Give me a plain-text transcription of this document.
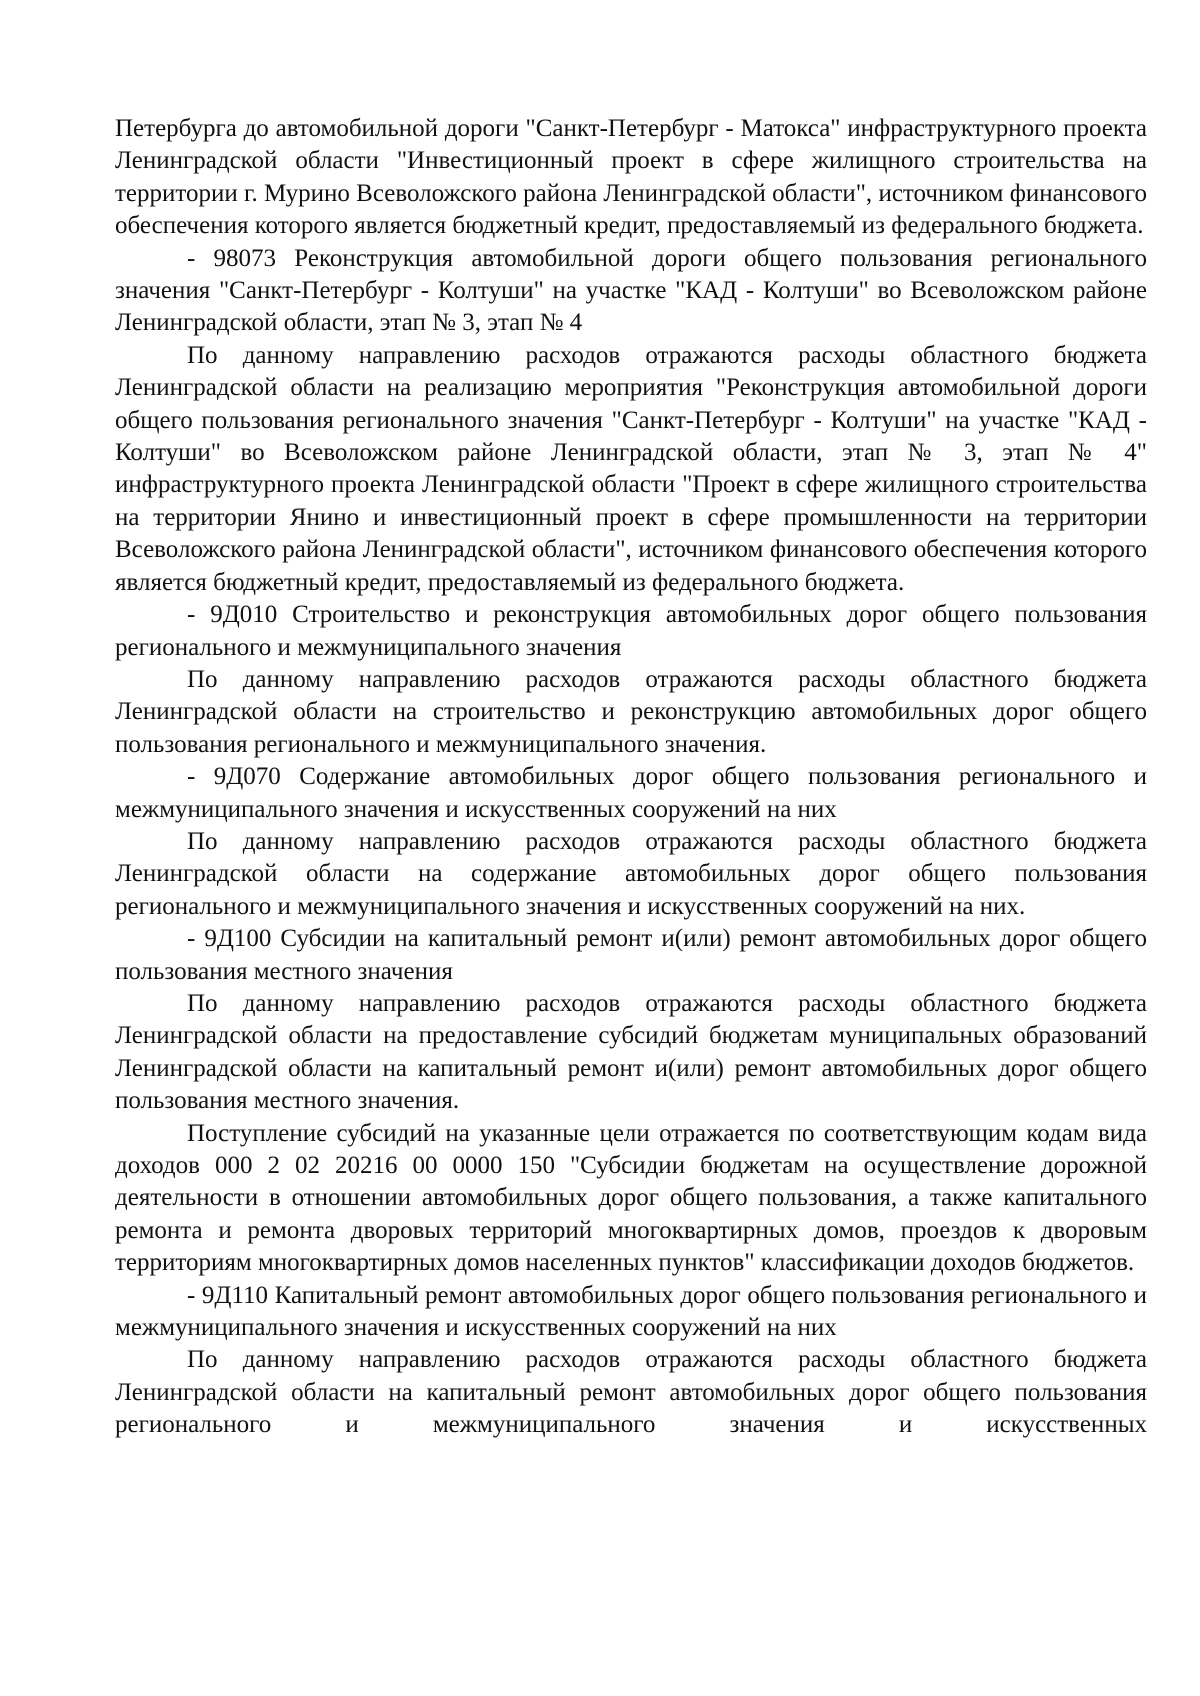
Петербурга до автомобильной дороги "Санкт-Петербург - Матокса" инфраструктурного проекта Ленинградской области "Инвестиционный проект в сфере жилищного строительства на территории г. Мурино Всеволожского района Ленинградской области", источником финансового обеспечения которого является бюджетный кредит, предоставляемый из федерального бюджета.

- 98073 Реконструкция автомобильной дороги общего пользования регионального значения "Санкт-Петербург - Колтуши" на участке "КАД - Колтуши" во Всеволожском районе Ленинградской области, этап № 3, этап № 4

По данному направлению расходов отражаются расходы областного бюджета Ленинградской области на реализацию мероприятия "Реконструкция автомобильной дороги общего пользования регионального значения "Санкт-Петербург - Колтуши" на участке "КАД - Колтуши" во Всеволожском районе Ленинградской области, этап № 3, этап № 4" инфраструктурного проекта Ленинградской области "Проект в сфере жилищного строительства на территории Янино и инвестиционный проект в сфере промышленности на территории Всеволожского района Ленинградской области", источником финансового обеспечения которого является бюджетный кредит, предоставляемый из федерального бюджета.

- 9Д010 Строительство и реконструкция автомобильных дорог общего пользования регионального и межмуниципального значения

По данному направлению расходов отражаются расходы областного бюджета Ленинградской области на строительство и реконструкцию автомобильных дорог общего пользования регионального и межмуниципального значения.

- 9Д070 Содержание автомобильных дорог общего пользования регионального и межмуниципального значения и искусственных сооружений на них

По данному направлению расходов отражаются расходы областного бюджета Ленинградской области на содержание автомобильных дорог общего пользования регионального и межмуниципального значения и искусственных сооружений на них.

- 9Д100 Субсидии на капитальный ремонт и(или) ремонт автомобильных дорог общего пользования местного значения

По данному направлению расходов отражаются расходы областного бюджета Ленинградской области на предоставление субсидий бюджетам муниципальных образований Ленинградской области на капитальный ремонт и(или) ремонт автомобильных дорог общего пользования местного значения.

Поступление субсидий на указанные цели отражается по соответствующим кодам вида доходов 000 2 02 20216 00 0000 150 "Субсидии бюджетам на осуществление дорожной деятельности в отношении автомобильных дорог общего пользования, а также капитального ремонта и ремонта дворовых территорий многоквартирных домов, проездов к дворовым территориям многоквартирных домов населенных пунктов" классификации доходов бюджетов.

- 9Д110 Капитальный ремонт автомобильных дорог общего пользования регионального и межмуниципального значения и искусственных сооружений на них

По данному направлению расходов отражаются расходы областного бюджета Ленинградской области на капитальный ремонт автомобильных дорог общего пользования регионального и межмуниципального значения и искусственных
